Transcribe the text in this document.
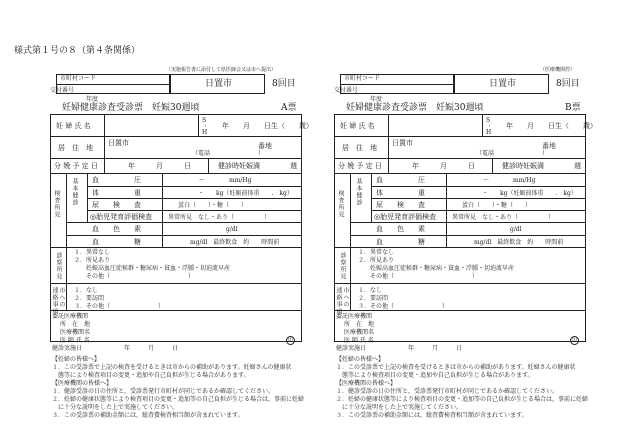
様式第１号の８（第４条関係）
（実施報告書に添付して県医師会又は市へ提出）
市町村コード
交付番号
日置市	8回目
年度
妊婦健康診査受診票 妊娠30週頃	A票
妊 婦 氏 名
S
・
H
年　　月　　日生（　　歳）
居　住　地
日置市	番地
（電話　　　　　　　　）
分 娩 予 定 日	年　　　月　　　日	健診時妊娠満	週
検査所見 基本健診 血　　　　　圧	〜　　　　mm/Hg
体　　　　　重	・　　kg（妊娠前体重　　.　kg）
尿　　検　　査	蛋白（　　）・糖（　　）
◎胎児発育評価検査	異常所見　なし・あり（　　　　　）
血　　色　　素	g/dl
血　　　　　糖	mg/dl　最終飲食　約　　時間前
診察所見 １．異常なし
２．所見あり
　　妊娠高血圧症候群・糖尿病・貧血・浮腫・切迫流早産
　　その他（　　　　　　　　　　　　　）
連絡事項 市への １．なし
２．要訪問
３．その他（　　　　　　　　）
委託医療機関
所　在　地
医療機関名
医 師 氏 名	印
健診実施日	年　　　月　　　日
【妊婦の皆様へ】
１．この受診票で上記の検査を受けるときは市からの補助があります。妊婦さんの健康状
　態等により検査項目の変更・追加や自己負担が生じる場合があります。
【医療機関の皆様へ】
１．健診受診の日の住所と，受診票発行市町村が同じであるか確認してください。
２．妊婦の健康状態等により検査項目の変更・追加等の自己負担が生じる場合は，事前に妊婦
　に十分な説明をした上で実施してください。
３．この受診票の補助金額には，総査費検査相当額が含まれています。
（医療機関控）
市町村コード
交付番号
日置市	8回目
年度
妊婦健康診査受診票 妊娠30週頃	B票
妊 婦 氏 名
S
・
H
年　　月　　日生（　　歳）
居　住　地
日置市	番地
（電話　　　　　　　　）
分 娩 予 定 日	年　　　月　　　日	健診時妊娠満	週
検査所見 基本健診 血　　　　　圧	〜　　　　mm/Hg
体　　　　　重	・　　kg（妊娠前体重　　.　kg）
尿　　検　　査	蛋白（　　）・糖（　　）
◎胎児発育評価検査	異常所見　なし・あり（　　　　　）
血　　色　　素	g/dl
血　　　　　糖	mg/dl　最終飲食　約　　時間前
診察所見 １．異常なし
２．所見あり
　　妊娠高血圧症候群・糖尿病・貧血・浮腫・切迫流早産
　　その他（　　　　　　　　　　　　　）
連絡事項 市への １．なし
２．要訪問
３．その他（　　　　　　　　）
委託医療機関
所　在　地
医療機関名
医 師 氏 名	印
健診実施日	年　　　月　　　日
【妊婦の皆様へ】
１．この受診票で上記の検査を受けるときは市からの補助があります。妊婦さんの健康状
　態等により検査項目の変更・追加や自己負担が生じる場合があります。
【医療機関の皆様へ】
１．健診受診の日の住所と，受診票発行市町村が同じであるか確認してください。
２．妊婦の健康状態等により検査項目の変更・追加等の自己負担が生じる場合は，事前に妊婦
　に十分な説明をした上で実施してください。
３．この受診票の補助金額には，総査費検査相当額が含まれています。
